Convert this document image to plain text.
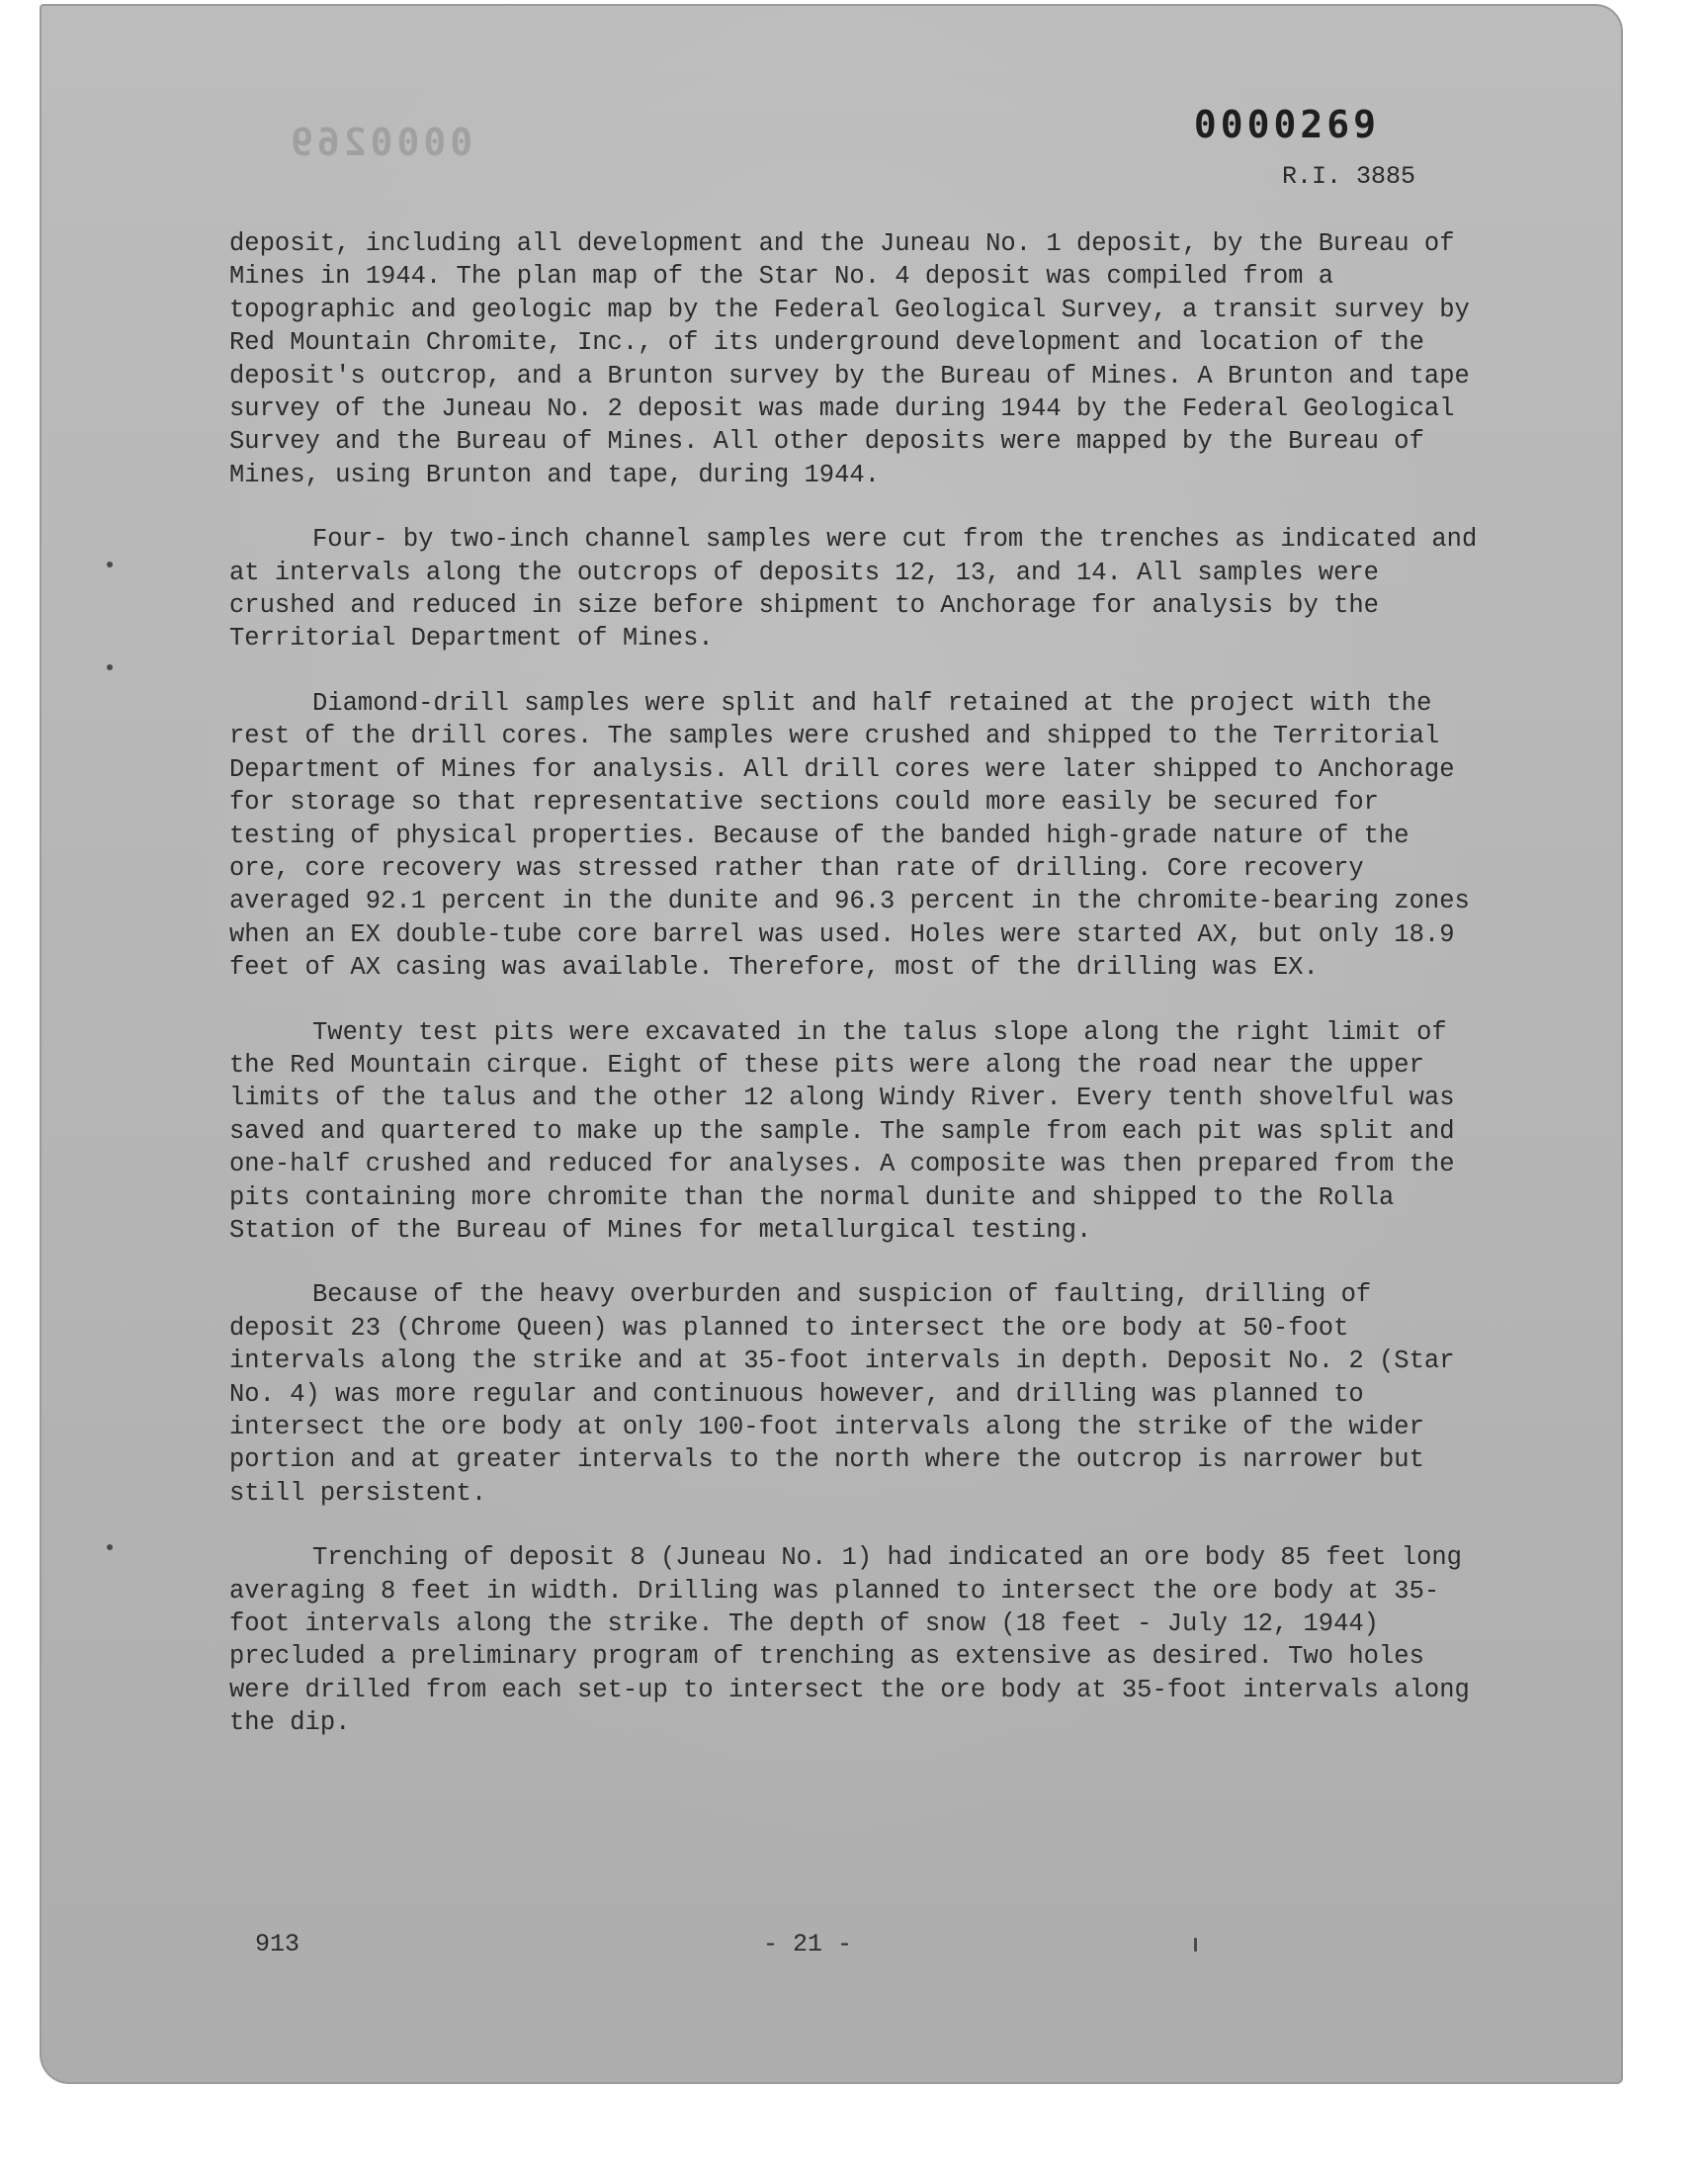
0000269	0000269
R.I. 3885

deposit, including all development and the Juneau No. 1 deposit, by the Bureau of Mines in 1944. The plan map of the Star No. 4 deposit was compiled from a topographic and geologic map by the Federal Geological Survey, a transit survey by Red Mountain Chromite, Inc., of its underground development and location of the deposit's outcrop, and a Brunton survey by the Bureau of Mines. A Brunton and tape survey of the Juneau No. 2 deposit was made during 1944 by the Federal Geological Survey and the Bureau of Mines. All other deposits were mapped by the Bureau of Mines, using Brunton and tape, during 1944.

Four- by two-inch channel samples were cut from the trenches as indicated and at intervals along the outcrops of deposits 12, 13, and 14. All samples were crushed and reduced in size before shipment to Anchorage for analysis by the Territorial Department of Mines.

Diamond-drill samples were split and half retained at the project with the rest of the drill cores. The samples were crushed and shipped to the Territorial Department of Mines for analysis. All drill cores were later shipped to Anchorage for storage so that representative sections could more easily be secured for testing of physical properties. Because of the banded high-grade nature of the ore, core recovery was stressed rather than rate of drilling. Core recovery averaged 92.1 percent in the dunite and 96.3 percent in the chromite-bearing zones when an EX double-tube core barrel was used. Holes were started AX, but only 18.9 feet of AX casing was available. Therefore, most of the drilling was EX.

Twenty test pits were excavated in the talus slope along the right limit of the Red Mountain cirque. Eight of these pits were along the road near the upper limits of the talus and the other 12 along Windy River. Every tenth shovelful was saved and quartered to make up the sample. The sample from each pit was split and one-half crushed and reduced for analyses. A composite was then prepared from the pits containing more chromite than the normal dunite and shipped to the Rolla Station of the Bureau of Mines for metallurgical testing.

Because of the heavy overburden and suspicion of faulting, drilling of deposit 23 (Chrome Queen) was planned to intersect the ore body at 50-foot intervals along the strike and at 35-foot intervals in depth. Deposit No. 2 (Star No. 4) was more regular and continuous however, and drilling was planned to intersect the ore body at only 100-foot intervals along the strike of the wider portion and at greater intervals to the north where the outcrop is narrower but still persistent.

Trenching of deposit 8 (Juneau No. 1) had indicated an ore body 85 feet long averaging 8 feet in width. Drilling was planned to intersect the ore body at 35-foot intervals along the strike. The depth of snow (18 feet - July 12, 1944) precluded a preliminary program of trenching as extensive as desired. Two holes were drilled from each set-up to intersect the ore body at 35-foot intervals along the dip.

913	- 21 -
